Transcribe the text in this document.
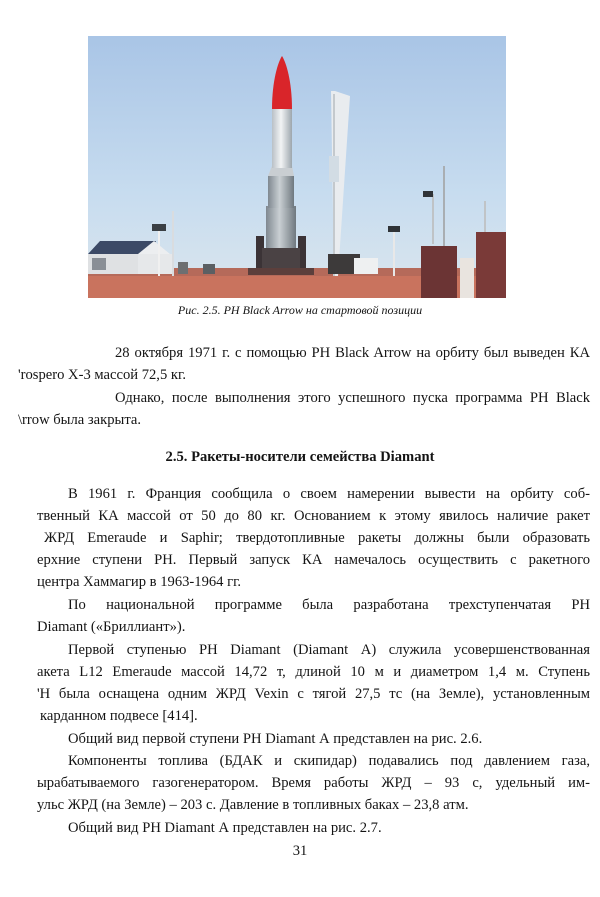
Рис. 2.5. PH Black Arrow на стартовой позиции
28 октября 1971 г. с помощью PH Black Arrow на орбиту был выведен КА
'rospero X-3 массой 72,5 кг.
Однако, после выполнения этого успешного пуска программа PH Black
\rrow была закрыта.
2.5. Ракеты-носители семейства Diamant
В 1961 г. Франция сообщила о своем намерении вывести на орбиту соб-
твенный КА массой от 50 до 80 кг. Основанием к этому явилось наличие ракет
ЖРД Emeraude и Saphir; твердотопливные ракеты должны были образовать
ерхние ступени PH. Первый запуск КА намечалось осуществить с ракетного
центра Хаммагир в 1963-1964 гг.
По национальной программе была разработана трехступенчатая PH
Diamant («Бриллиант»).
Первой ступенью PH Diamant (Diamant А) служила усовершенствованная
акета L12 Emeraude массой 14,72 т, длиной 10 м и диаметром 1,4 м. Ступень
'H была оснащена одним ЖРД Vexin с тягой 27,5 тс (на Земле), установленным
карданном подвесе [414].
Общий вид первой ступени PH Diamant А представлен на рис. 2.6.
Компоненты топлива (БДАК и скипидар) подавались под давлением газа,
ырабатываемого газогенератором. Время работы ЖРД – 93 с, удельный им-
ульс ЖРД (на Земле) – 203 с. Давление в топливных баках – 23,8 атм.
Общий вид PH Diamant А представлен на рис. 2.7.
31
